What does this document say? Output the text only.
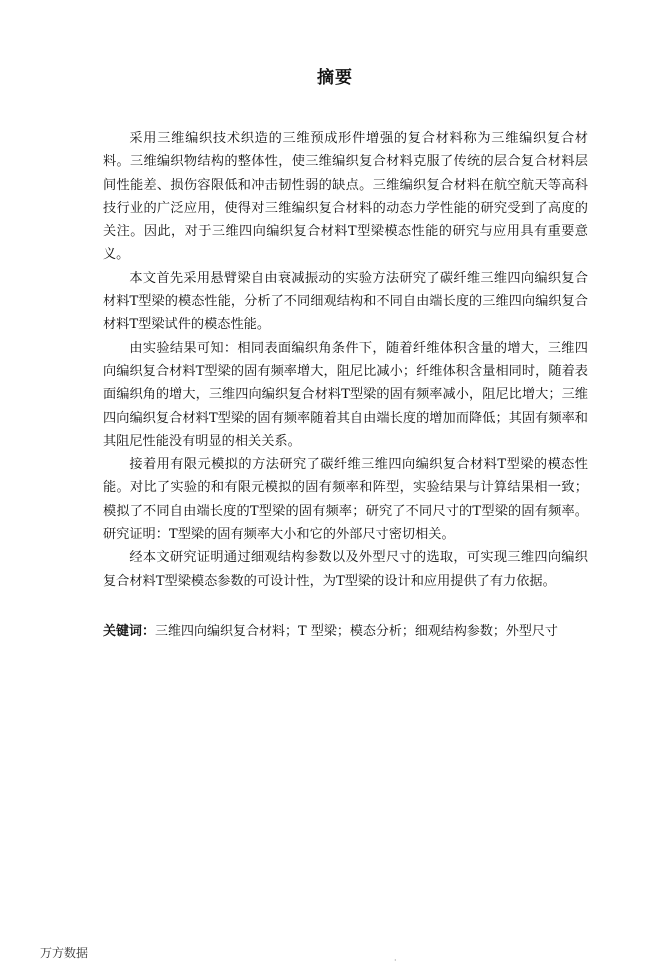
摘要

采用三维编织技术织造的三维预成形件增强的复合材料称为三维编织复合材料。三维编织物结构的整体性，使三维编织复合材料克服了传统的层合复合材料层间性能差、损伤容限低和冲击韧性弱的缺点。三维编织复合材料在航空航天等高科技行业的广泛应用，使得对三维编织复合材料的动态力学性能的研究受到了高度的关注。因此，对于三维四向编织复合材料T型梁模态性能的研究与应用具有重要意义。

本文首先采用悬臂梁自由衰减振动的实验方法研究了碳纤维三维四向编织复合材料T型梁的模态性能，分析了不同细观结构和不同自由端长度的三维四向编织复合材料T型梁试件的模态性能。

由实验结果可知：相同表面编织角条件下，随着纤维体积含量的增大，三维四向编织复合材料T型梁的固有频率增大，阻尼比减小；纤维体积含量相同时，随着表面编织角的增大，三维四向编织复合材料T型梁的固有频率减小，阻尼比增大；三维四向编织复合材料T型梁的固有频率随着其自由端长度的增加而降低；其固有频率和其阻尼性能没有明显的相关关系。

接着用有限元模拟的方法研究了碳纤维三维四向编织复合材料T型梁的模态性能。对比了实验的和有限元模拟的固有频率和阵型，实验结果与计算结果相一致；模拟了不同自由端长度的T型梁的固有频率；研究了不同尺寸的T型梁的固有频率。研究证明：T型梁的固有频率大小和它的外部尺寸密切相关。

经本文研究证明通过细观结构参数以及外型尺寸的选取，可实现三维四向编织复合材料T型梁模态参数的可设计性，为T型梁的设计和应用提供了有力依据。

关键词：三维四向编织复合材料；T 型梁；模态分析；细观结构参数；外型尺寸
·
万方数据
